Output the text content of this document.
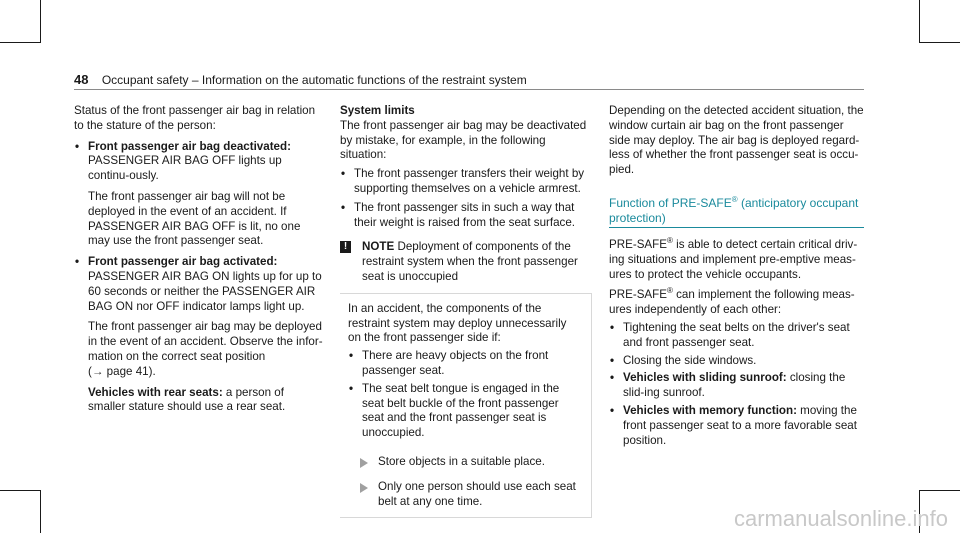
48 Occupant safety – Information on the automatic functions of the restraint system

Status of the front passenger air bag in relation to the stature of the person:

• Front passenger air bag deactivated:
PASSENGER AIR BAG OFF lights up continu-ously.

The front passenger air bag will not be deployed in the event of an accident. If PASSENGER AIR BAG OFF is lit, no one may use the front passenger seat.

• Front passenger air bag activated:
PASSENGER AIR BAG ON lights up for up to 60 seconds or neither the PASSENGER AIR BAG ON nor OFF indicator lamps light up.

The front passenger air bag may be deployed in the event of an accident. Observe the infor-mation on the correct seat position
(→ page 41).

Vehicles with rear seats: a person of smaller stature should use a rear seat.

System limits

The front passenger air bag may be deactivated by mistake, for example, in the following situation:

• The front passenger transfers their weight by supporting themselves on a vehicle armrest.

• The front passenger sits in such a way that their weight is raised from the seat surface.

!	NOTE Deployment of components of the restraint system when the front passenger seat is unoccupied

In an accident, the components of the restraint system may deploy unnecessarily on the front passenger side if:

• There are heavy objects on the front passenger seat.

• The seat belt tongue is engaged in the seat belt buckle of the front passenger seat and the front passenger seat is unoccupied.

Store objects in a suitable place.
Only one person should use each seat belt at any one time.

Depending on the detected accident situation, the window curtain air bag on the front passenger side may deploy. The air bag is deployed regard-less of whether the front passenger seat is occu-pied.

Function of PRE-SAFE® (anticipatory occupant protection)

PRE-SAFE® is able to detect certain critical driv-ing situations and implement pre-emptive meas-ures to protect the vehicle occupants.

PRE-SAFE® can implement the following meas-ures independently of each other:

• Tightening the seat belts on the driver's seat and front passenger seat.

• Closing the side windows.

• Vehicles with sliding sunroof: closing the slid-ing sunroof.

• Vehicles with memory function: moving the front passenger seat to a more favorable seat position.

carmanualsonline.info
